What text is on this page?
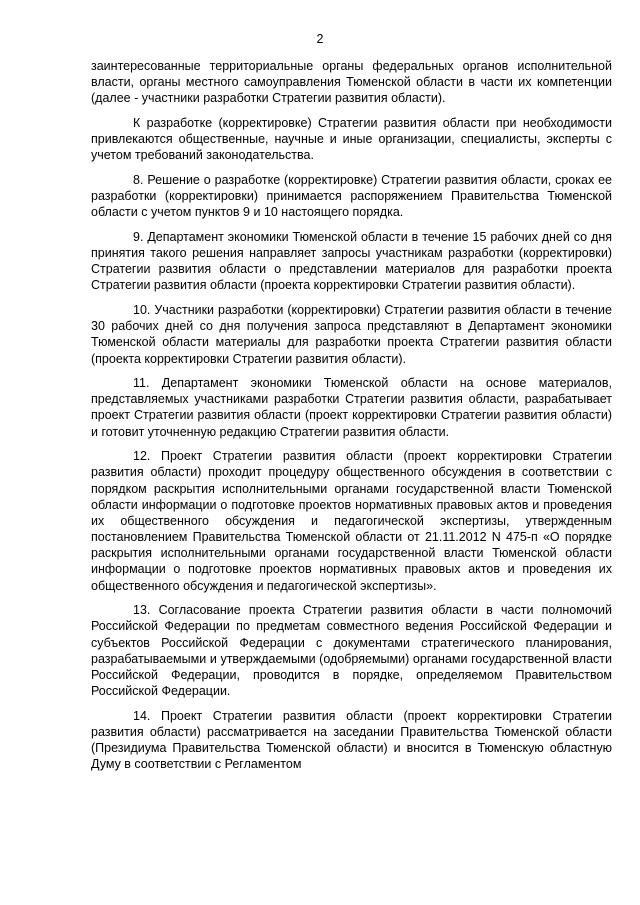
2

заинтересованные территориальные органы федеральных органов исполнительной власти, органы местного самоуправления Тюменской области в части их компетенции (далее - участники разработки Стратегии развития области).

К разработке (корректировке) Стратегии развития области при необходимости привлекаются общественные, научные и иные организации, специалисты, эксперты с учетом требований законодательства.

8. Решение о разработке (корректировке) Стратегии развития области, сроках ее разработки (корректировки) принимается распоряжением Правительства Тюменской области с учетом пунктов 9 и 10 настоящего порядка.

9. Департамент экономики Тюменской области в течение 15 рабочих дней со дня принятия такого решения направляет запросы участникам разработки (корректировки) Стратегии развития области о представлении материалов для разработки проекта Стратегии развития области (проекта корректировки Стратегии развития области).

10. Участники разработки (корректировки) Стратегии развития области в течение 30 рабочих дней со дня получения запроса представляют в Департамент экономики Тюменской области материалы для разработки проекта Стратегии развития области (проекта корректировки Стратегии развития области).

11. Департамент экономики Тюменской области на основе материалов, представляемых участниками разработки Стратегии развития области, разрабатывает проект Стратегии развития области (проект корректировки Стратегии развития области) и готовит уточненную редакцию Стратегии развития области.

12. Проект Стратегии развития области (проект корректировки Стратегии развития области) проходит процедуру общественного обсуждения в соответствии с порядком раскрытия исполнительными органами государственной власти Тюменской области информации о подготовке проектов нормативных правовых актов и проведения их общественного обсуждения и педагогической экспертизы, утвержденным постановлением Правительства Тюменской области от 21.11.2012 N 475-п «О порядке раскрытия исполнительными органами государственной власти Тюменской области информации о подготовке проектов нормативных правовых актов и проведения их общественного обсуждения и педагогической экспертизы».

13. Согласование проекта Стратегии развития области в части полномочий Российской Федерации по предметам совместного ведения Российской Федерации и субъектов Российской Федерации с документами стратегического планирования, разрабатываемыми и утверждаемыми (одобряемыми) органами государственной власти Российской Федерации, проводится в порядке, определяемом Правительством Российской Федерации.

14. Проект Стратегии развития области (проект корректировки Стратегии развития области) рассматривается на заседании Правительства Тюменской области (Президиума Правительства Тюменской области) и вносится в Тюменскую областную Думу в соответствии с Регламентом
